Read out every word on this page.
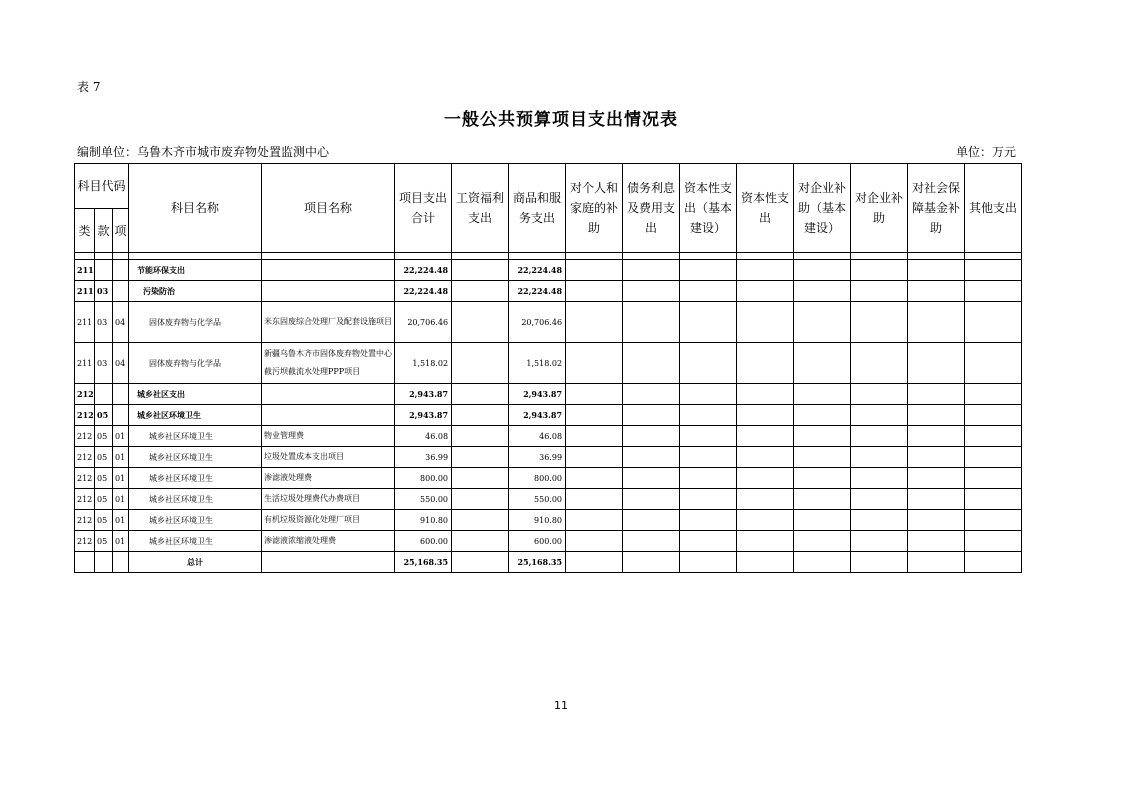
表 7
一般公共预算项目支出情况表
编制单位：乌鲁木齐市城市废弃物处置监测中心	单位：万元
科目代码			科目名称	项目名称	项目支出合计	工资福利支出	商品和服务支出	对个人和家庭的补助	债务利息及费用支出	资本性支出（基本建设）	资本性支出	对企业补助（基本建设）	对企业补助	对社会保障基金补助	其他支出
类	款	项													

211			节能环保支出		22,224.48		22,224.48								
211	03		污染防治		22,224.48		22,224.48								
211	03	04	固体废弃物与化学品	米东固废综合处理厂及配套设施项目	20,706.46		20,706.46								
211	03	04	固体废弃物与化学品	新疆乌鲁木齐市固体废弃物处置中心截污坝截流水处理PPP项目	1,518.02		1,518.02								
212			城乡社区支出		2,943.87		2,943.87								
212	05		城乡社区环境卫生		2,943.87		2,943.87								
212	05	01	城乡社区环境卫生	物业管理费	46.08		46.08								
212	05	01	城乡社区环境卫生	垃圾处置成本支出项目	36.99		36.99								
212	05	01	城乡社区环境卫生	渗滤液处理费	800.00		800.00								
212	05	01	城乡社区环境卫生	生活垃圾处理费代办费项目	550.00		550.00								
212	05	01	城乡社区环境卫生	有机垃圾资源化处理厂项目	910.80		910.80								
212	05	01	城乡社区环境卫生	渗滤液浓缩液处理费	600.00		600.00								
			总计		25,168.35		25,168.35								
11
